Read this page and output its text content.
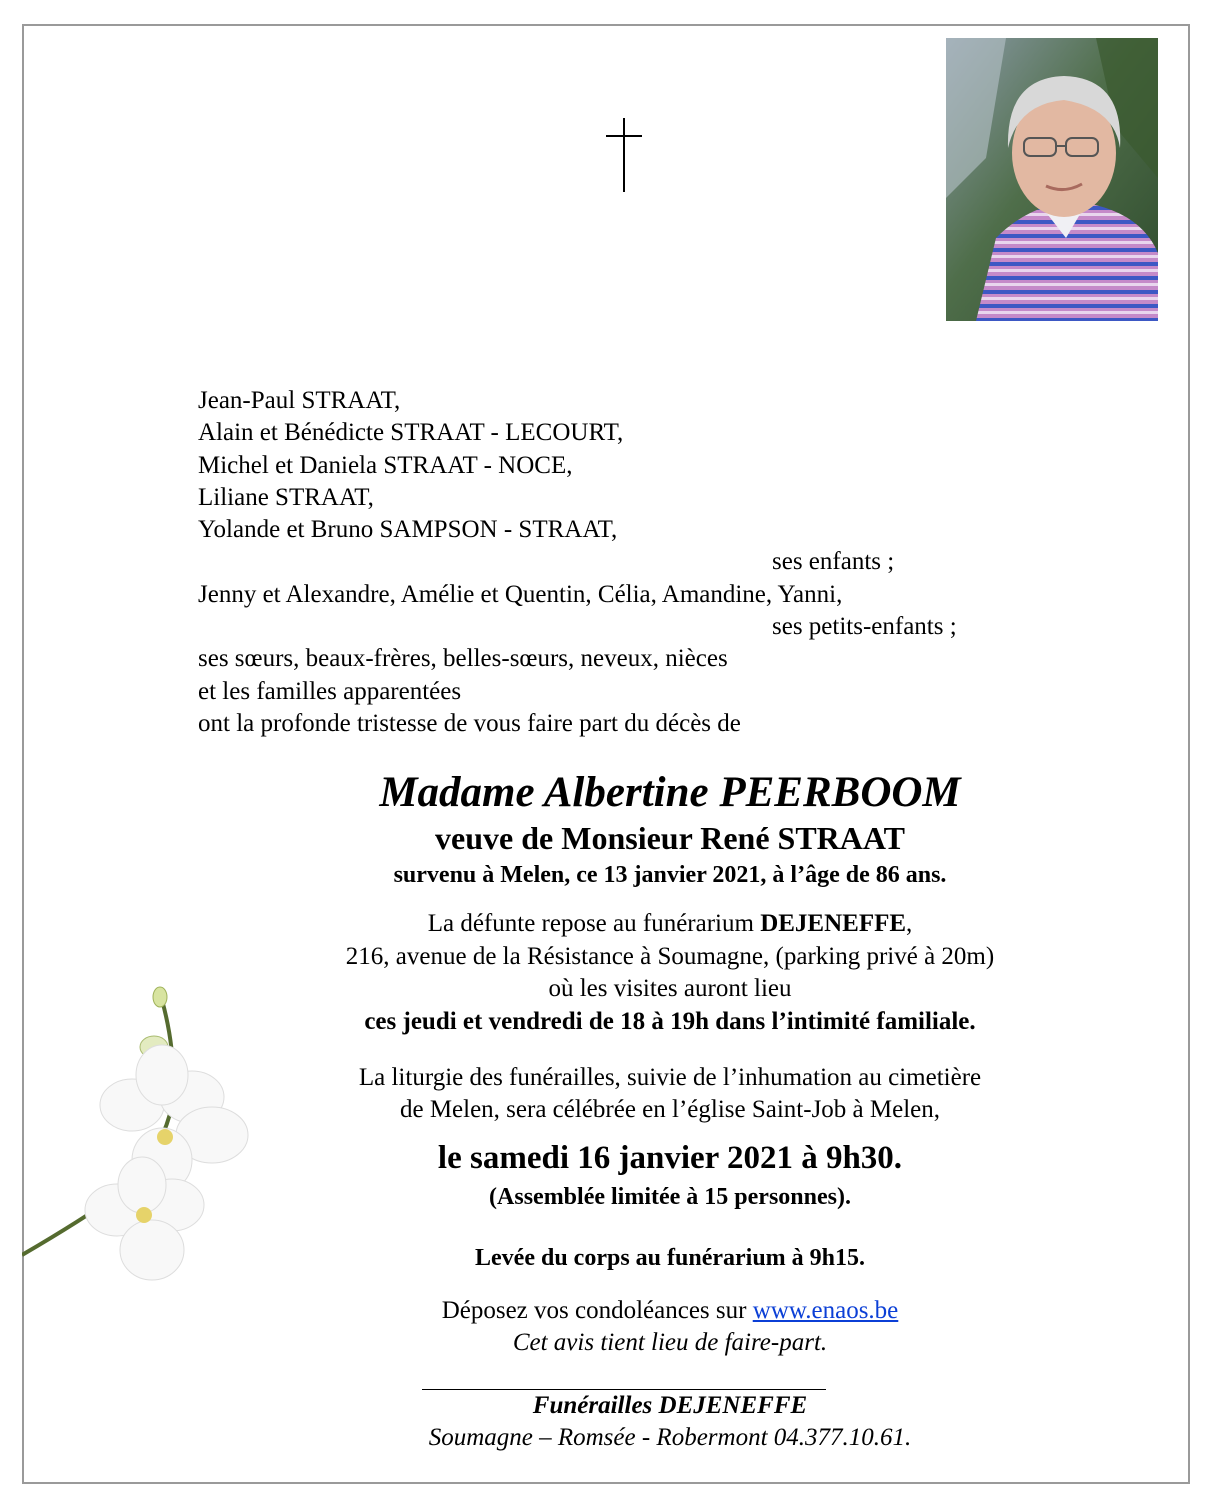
Jean-Paul STRAAT,
Alain et Bénédicte STRAAT - LECOURT,
Michel et Daniela STRAAT - NOCE,
Liliane STRAAT,
Yolande et Bruno SAMPSON - STRAAT,
ses enfants ;
Jenny et Alexandre, Amélie et Quentin, Célia, Amandine, Yanni,
ses petits-enfants ;
ses sœurs, beaux-frères, belles-sœurs, neveux, nièces
et les familles apparentées
ont la profonde tristesse de vous faire part du décès de
Madame Albertine PEERBOOM
veuve de Monsieur René STRAAT
survenu à Melen, ce 13 janvier 2021, à l’âge de 86 ans.
La défunte repose au funérarium DEJENEFFE,
216, avenue de la Résistance à Soumagne, (parking privé à 20m)
où les visites auront lieu
ces jeudi et vendredi de 18 à 19h dans l’intimité familiale.
La liturgie des funérailles, suivie de l’inhumation au cimetière
de Melen, sera célébrée en l’église Saint-Job à Melen,
le samedi 16 janvier 2021 à 9h30.
(Assemblée limitée à 15 personnes).
Levée du corps au funérarium à 9h15.
Déposez vos condoléances sur www.enaos.be
Cet avis tient lieu de faire-part.
Funérailles DEJENEFFE
Soumagne – Romsée - Robermont 04.377.10.61.
